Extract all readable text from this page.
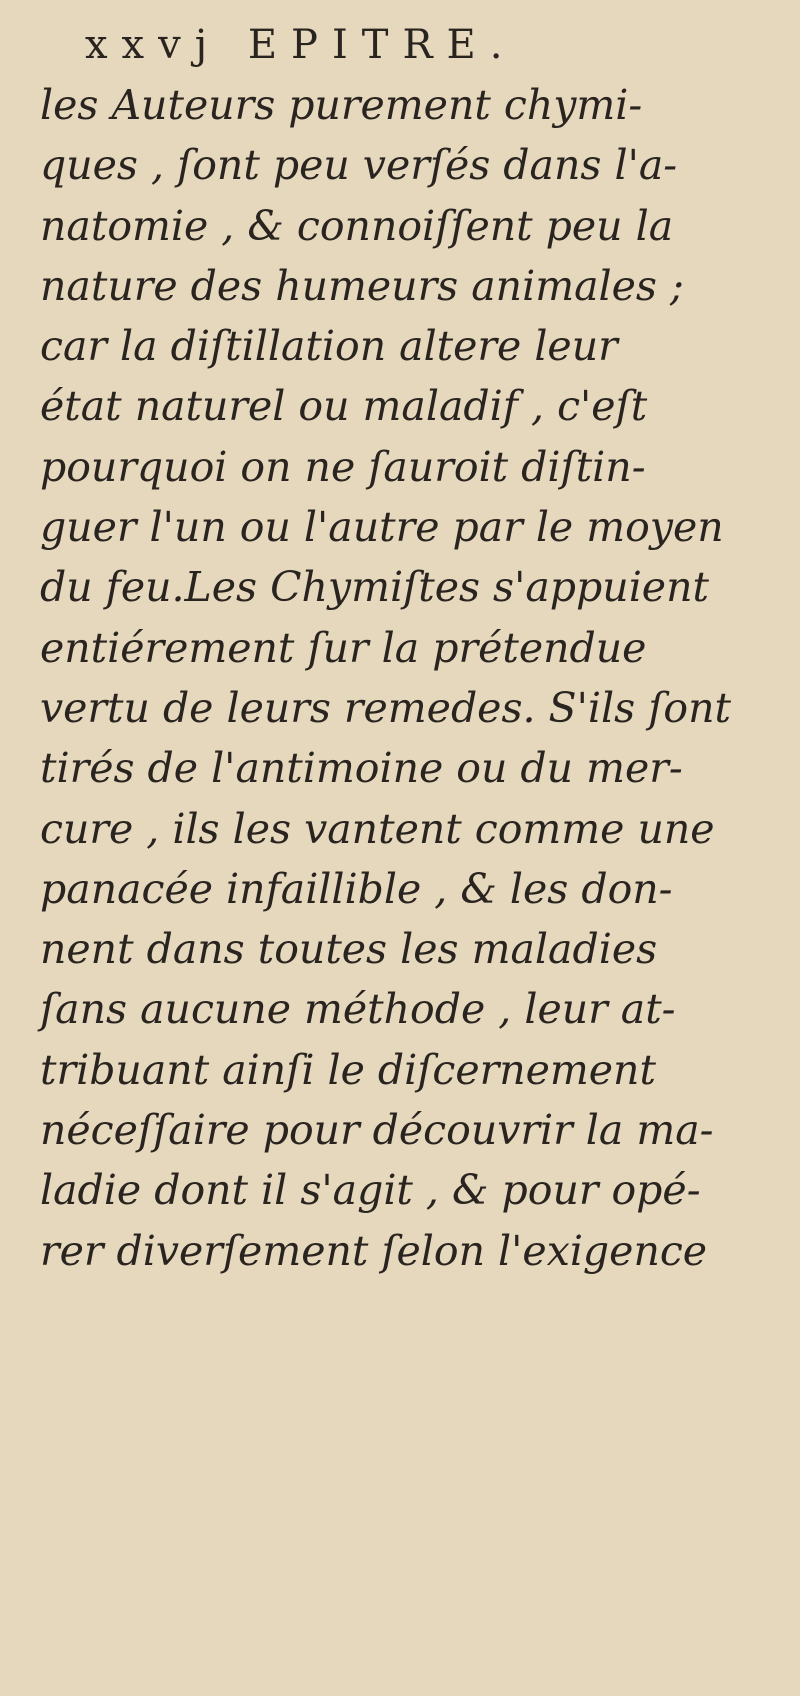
xxvj EPITRE.
les Auteurs purement chymi-
ques , ſont peu verſés dans l'a-
natomie , & connoiſſent peu la
nature des humeurs animales ;
car la diſtillation altere leur
état naturel ou maladif , c'eſt
pourquoi on ne ſauroit diſtin-
guer l'un ou l'autre par le moyen
du feu.Les Chymiſtes s'appuient
entiérement ſur la prétendue
vertu de leurs remedes. S'ils ſont
tirés de l'antimoine ou du mer-
cure , ils les vantent comme une
panacée infaillible , & les don-
nent dans toutes les maladies
ſans aucune méthode , leur at-
tribuant ainſi le diſcernement
néceſſaire pour découvrir la ma-
ladie dont il s'agit , & pour opé-
rer diverſement ſelon l'exigence
